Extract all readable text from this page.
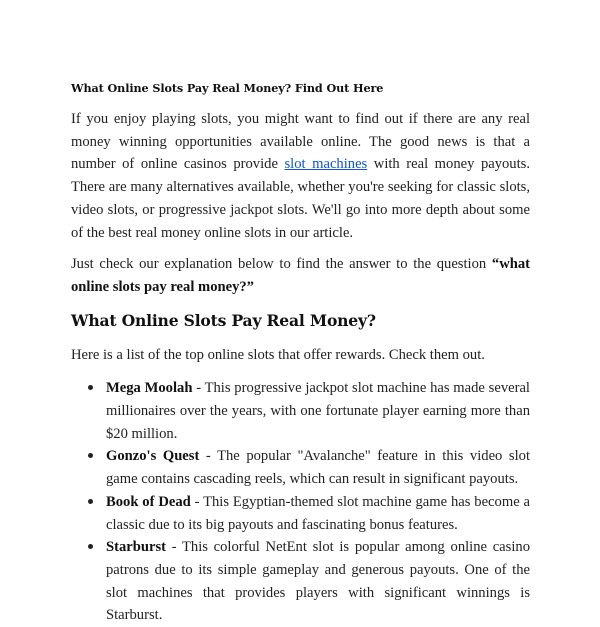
What Online Slots Pay Real Money? Find Out Here

If you enjoy playing slots, you might want to find out if there are any real money winning opportunities available online. The good news is that a number of online casinos provide slot machines with real money payouts. There are many alternatives available, whether you're seeking for classic slots, video slots, or progressive jackpot slots. We'll go into more depth about some of the best real money online slots in our article.

Just check our explanation below to find the answer to the question “what online slots pay real money?”

What Online Slots Pay Real Money?

Here is a list of the top online slots that offer rewards. Check them out.

Mega Moolah - This progressive jackpot slot machine has made several millionaires over the years, with one fortunate player earning more than $20 million.

Gonzo's Quest - The popular "Avalanche" feature in this video slot game contains cascading reels, which can result in significant payouts.

Book of Dead - This Egyptian-themed slot machine game has become a classic due to its big payouts and fascinating bonus features.

Starburst - This colorful NetEnt slot is popular among online casino patrons due to its simple gameplay and generous payouts. One of the slot machines that provides players with significant winnings is Starburst.
